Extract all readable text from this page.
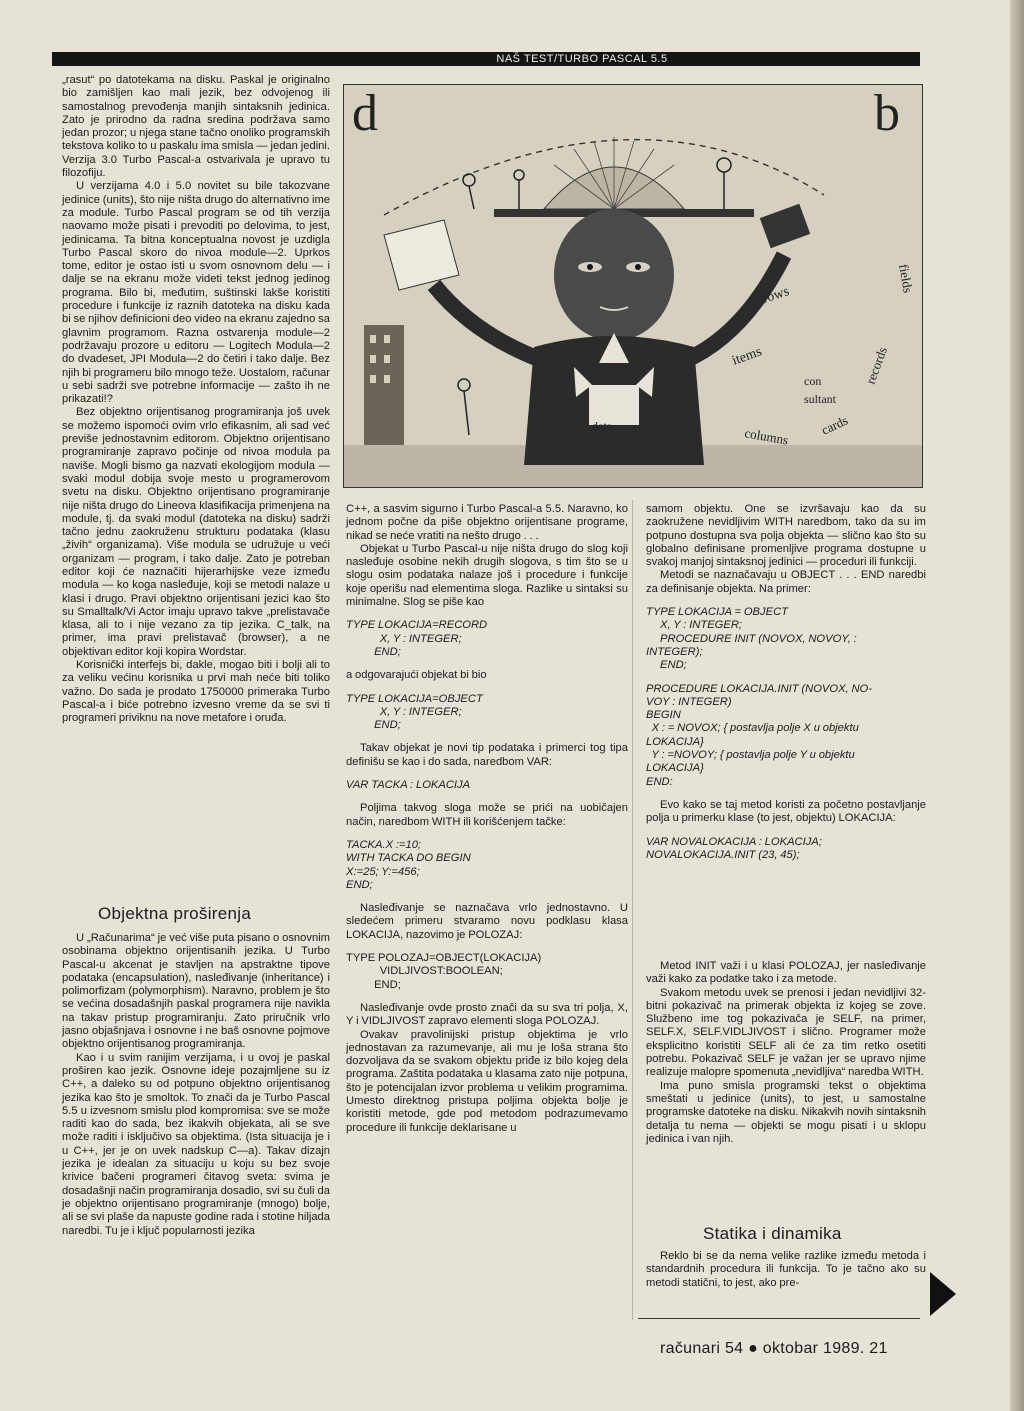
NAŠ TEST/TURBO PASCAL 5.5

„rasut“ po datotekama na disku. Paskal je originalno bio zamišljen kao mali jezik, bez odvojenog ili samostalnog prevođenja manjih sintaksnih jedinica. Zato je prirodno da radna sredina podržava samo jedan prozor; u njega stane tačno onoliko programskih tekstova koliko to u paskalu ima smisla — jedan jedini. Verzija 3.0 Turbo Pascal-a ostvarivala je upravo tu filozofiju.

U verzijama 4.0 i 5.0 novitet su bile takozvane jedinice (units), što nije ništa drugo do alternativno ime za module. Turbo Pascal program se od tih verzija naovamo može pisati i prevoditi po delovima, to jest, jedinicama. Ta bitna konceptualna novost je uzdigla Turbo Pascal skoro do nivoa module—2. Uprkos tome, editor je ostao isti u svom osnovnom delu — i dalje se na ekranu može videti tekst jednog jedinog programa. Bilo bi, međutim, suštinski lakše koristiti procedure i funkcije iz raznih datoteka na disku kada bi se njihov definicioni deo video na ekranu zajedno sa glavnim programom. Razna ostvarenja module—2 podržavaju prozore u editoru — Logitech Modula—2 do dvadeset, JPI Modula—2 do četiri i tako dalje. Bez njih bi programeru bilo mnogo teže. Uostalom, računar u sebi sadrži sve potrebne informacije — zašto ih ne prikazati!?

Bez objektno orijentisanog programiranja još uvek se možemo ispomoći ovim vrlo efikasnim, ali sad već previše jednostavnim editorom. Objektno orijentisano programiranje zapravo počinje od nivoa modula pa naviše. Mogli bismo ga nazvati ekologijom modula — svaki modul dobija svoje mesto u programerovom svetu na disku. Objektno orijentisano programiranje nije ništa drugo do Lineova klasifikacija primenjena na module, tj. da svaki modul (datoteka na disku) sadrži tačno jednu zaokruženu strukturu podataka (klasu „živih“ organizama). Više modula se udružuje u veći organizam — program, i tako dalje. Zato je potreban editor koji će naznačiti hijerarhijske veze između modula — ko koga nasleđuje, koji se metodi nalaze u klasi i drugo. Pravi objektno orijentisani jezici kao što su Smalltalk/Vi Actor imaju upravo takve „prelistavače klasa, ali to i nije vezano za tip jezika. C_talk, na primer, ima pravi prelistavač (browser), a ne objektivan editor koji kopira Wordstar.

Korisnički interfejs bi, dakle, mogao biti i bolji ali to za veliku većinu korisnika u prvi mah neće biti toliko važno. Do sada je prodato 1750000 primeraka Turbo Pascal-a i biće potrebno izvesno vreme da se svi ti programeri priviknu na nove metafore i oruđa.

Objektna proširenja

U „Računarima“ je već više puta pisano o osnovnim osobinama objektno orijentisanih jezika. U Turbo Pascal-u akcenat je stavljen na apstraktne tipove podataka (encapsulation), nasleđivanje (inheritance) i polimorfizam (polymorphism). Naravno, problem je što se većina dosadašnjih paskal programera nije navikla na takav pristup programiranju. Zato priručnik vrlo jasno objašnjava i osnovne i ne baš osnovne pojmove objektno orijentisanog programiranja.

Kao i u svim ranijim verzijama, i u ovoj je paskal proširen kao jezik. Osnovne ideje pozajmljene su iz C++, a daleko su od potpuno objektno orijentisanog jezika kao što je smoltok. To znači da je Turbo Pascal 5.5 u izvesnom smislu plod kompromisa: sve se može raditi kao do sada, bez ikakvih objekata, ali se sve može raditi i isključivo sa objektima. (Ista situacija je i u C++, jer je on uvek nadskup C—a). Takav dizajn jezika je idealan za situaciju u koju su bez svoje krivice bačeni programeri čitavog sveta: svima je dosadašnji način programiranja dosadio, svi su čuli da je objektno orijentisano programiranje (mnogo) bolje, ali se svi plaše da napuste godine rada i stotine hiljada naredbi. Tu je i ključ popularnosti jezika

d	b
data
rows
items	records
fields
columns cards
con
sultant

C++, a sasvim sigurno i Turbo Pascal-a 5.5. Naravno, ko jednom počne da piše objektno orijentisane programe, nikad se neće vratiti na nešto drugo . . .

Objekat u Turbo Pascal-u nije ništa drugo do slog koji nasleđuje osobine nekih drugih slogova, s tim što se u slogu osim podataka nalaze još i procedure i funkcije koje operišu nad elementima sloga. Razlike u sintaksi su minimalne. Slog se piše kao

TYPE LOKACIJA=RECORD
X, Y : INTEGER;
END;

a odgovarajući objekat bi bio

TYPE LOKACIJA=OBJECT
X, Y : INTEGER;
END;

Takav objekat je novi tip podataka i primerci tog tipa definišu se kao i do sada, naredbom VAR:

VAR TACKA : LOKACIJA

Poljima takvog sloga može se prići na uobičajen način, naredbom WITH ili korišćenjem tačke:

TACKA.X :=10;
WITH TACKA DO BEGIN
X:=25; Y:=456;
END;

Nasleđivanje se naznačava vrlo jednostavno. U sledećem primeru stvaramo novu podklasu klasa LOKACIJA, nazovimo je POLOZAJ:

TYPE POLOZAJ=OBJECT(LOKACIJA)
VIDLJIVOST:BOOLEAN;
END;

Nasleđivanje ovde prosto znači da su sva tri polja, X, Y i VIDLJIVOST zapravo elementi sloga POLOZAJ.

Ovakav pravolinijski pristup objektima je vrlo jednostavan za razumevanje, ali mu je loša strana što dozvoljava da se svakom objektu priđe iz bilo kojeg dela programa. Zaštita podataka u klasama zato nije potpuna, što je potencijalan izvor problema u velikim programima. Umesto direktnog pristupa poljima objekta bolje je koristiti metode, gde pod metodom podrazumevamo procedure ili funkcije deklarisane u

samom objektu. One se izvršavaju kao da su zaokružene nevidljivim WITH naredbom, tako da su im potpuno dostupna sva polja objekta — slično kao što su globalno definisane promenljive programa dostupne u svakoj manjoj sintaksnoj jedinici — proceduri ili funkciji.

Metodi se naznačavaju u OBJECT . . . END naredbi za definisanje objekta. Na primer:

TYPE LOKACIJA = OBJECT
X, Y : INTEGER;
PROCEDURE INIT (NOVOX, NOVOY, :
INTEGER);
END;
PROCEDURE LOKACIJA.INIT (NOVOX, NO-
VOY : INTEGER)
BEGIN
X : = NOVOX; { postavlja polje X u objektu
LOKACIJA}
Y : =NOVOY; { postavlja polje Y u objektu
LOKACIJA}
END:

Evo kako se taj metod koristi za početno postavljanje polja u primerku klase (to jest, objektu) LOKACIJA:

VAR NOVALOKACIJA : LOKACIJA;
NOVALOKACIJA.INIT (23, 45);

Metod INIT važi i u klasi POLOZAJ, jer nasleđivanje važi kako za podatke tako i za metode.

Svakom metodu uvek se prenosi i jedan nevidljivi 32-bitni pokazivač na primerak objekta iz kojeg se zove. Službeno ime tog pokazivača je SELF, na primer, SELF.X, SELF.VIDLJIVOST i slično. Programer može eksplicitno koristiti SELF ali će za tim retko osetiti potrebu. Pokazivač SELF je važan jer se upravo njime realizuje malopre spomenuta „nevidljiva“ naredba WITH.

Ima puno smisla programski tekst o objektima smeštati u jedinice (units), to jest, u samostalne programske datoteke na disku. Nikakvih novih sintaksnih detalja tu nema — objekti se mogu pisati i u sklopu jedinica i van njih.

Statika i dinamika

Reklo bi se da nema velike razlike između metoda i standardnih procedura ili funkcija. To je tačno ako su metodi statični, to jest, ako pre-

računari 54 ● oktobar 1989. 21
